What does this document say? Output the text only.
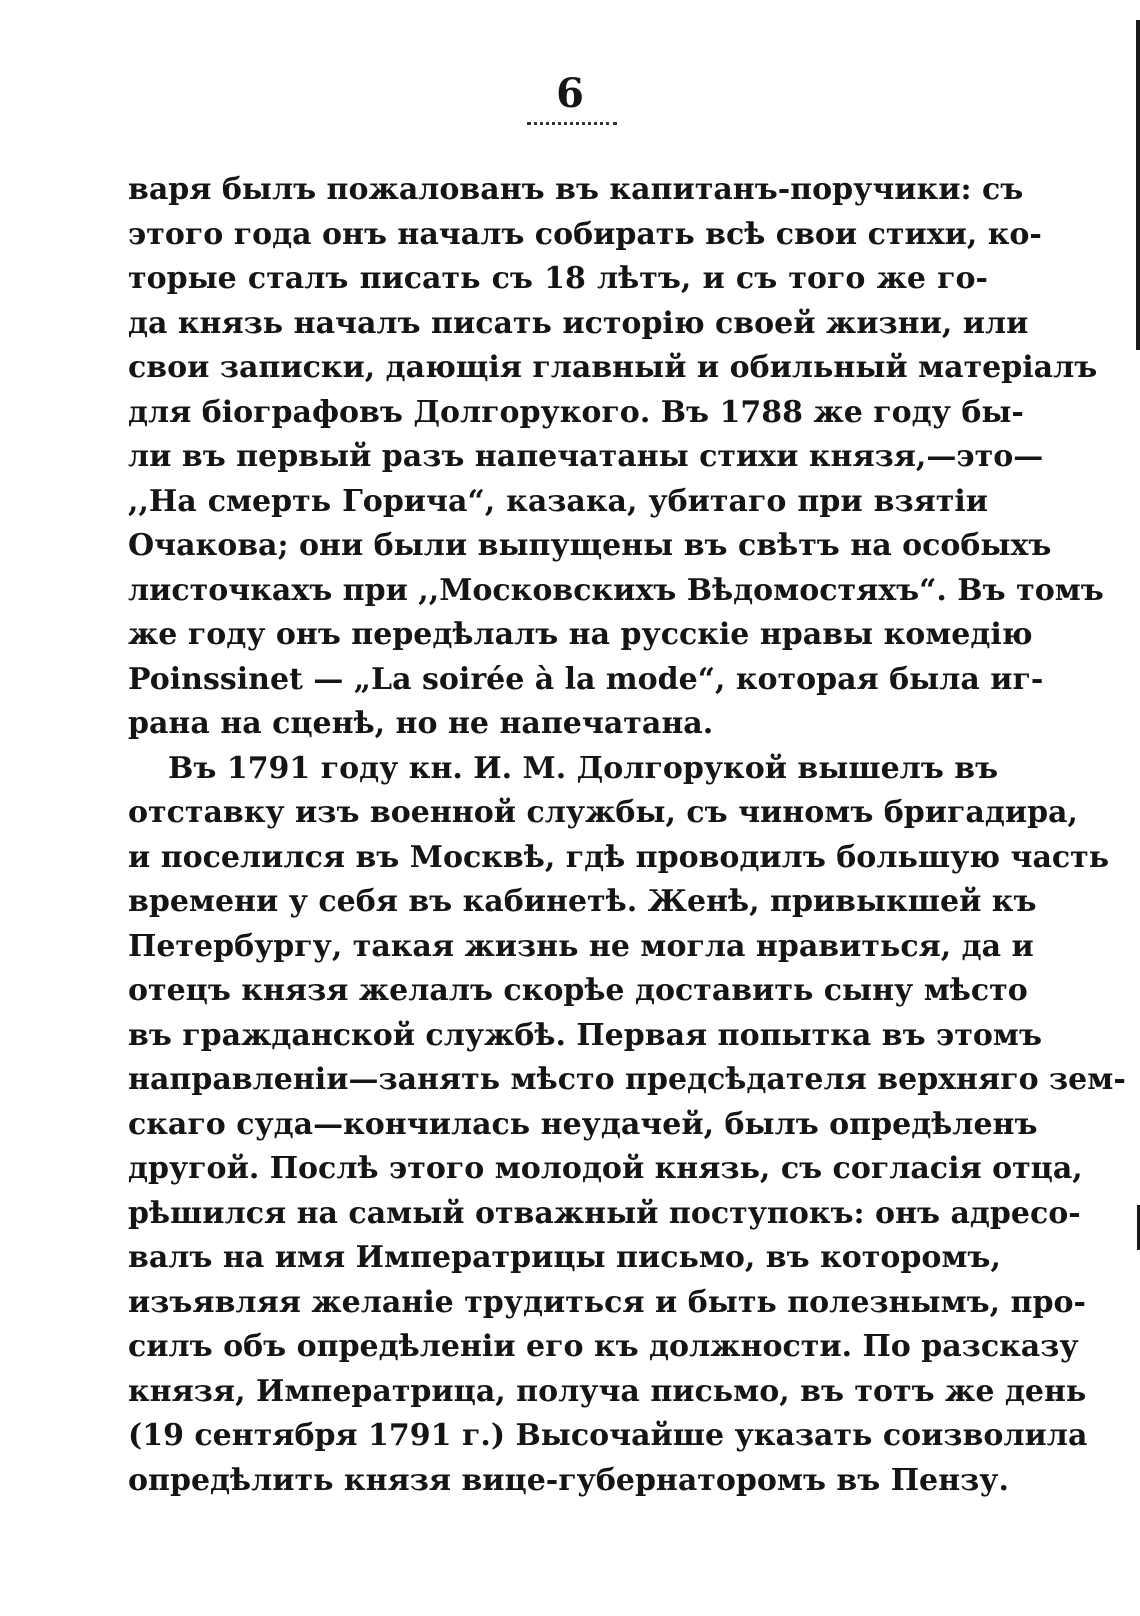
6
варя былъ пожалованъ въ капитанъ-поручики: съ
этого года онъ началъ собирать всѣ свои стихи, ко-
торые сталъ писать съ 18 лѣтъ, и съ того же го-
да князь началъ писать исторію своей жизни, или
свои записки, дающія главный и обильный матеріалъ
для біографовъ Долгорукого. Въ 1788 же году бы-
ли въ первый разъ напечатаны стихи князя,—это—
,,На смерть Горича“, казака, убитаго при взятіи
Очакова; они были выпущены въ свѣтъ на особыхъ
листочкахъ при ,,Московскихъ Вѣдомостяхъ“. Въ томъ
же году онъ передѣлалъ на русскіе нравы комедію
Poinssinet — „La soirée à la mode“, которая была иг-
рана на сценѣ, но не напечатана.
Въ 1791 году кн. И. М. Долгорукой вышелъ въ
отставку изъ военной службы, съ чиномъ бригадира,
и поселился въ Москвѣ, гдѣ проводилъ большую часть
времени у себя въ кабинетѣ. Женѣ, привыкшей къ
Петербургу, такая жизнь не могла нравиться, да и
отецъ князя желалъ скорѣе доставить сыну мѣсто
въ гражданской службѣ. Первая попытка въ этомъ
направленіи—занять мѣсто предсѣдателя верхняго зем-
скаго суда—кончилась неудачей, былъ опредѣленъ
другой. Послѣ этого молодой князь, съ согласія отца,
рѣшился на самый отважный поступокъ: онъ адресо-
валъ на имя Императрицы письмо, въ которомъ,
изъявляя желаніе трудиться и быть полезнымъ, про-
силъ объ опредѣленіи его къ должности. По разсказу
князя, Императрица, получа письмо, въ тотъ же день
(19 сентября 1791 г.) Высочайше указать соизволила
опредѣлить князя вице-губернаторомъ въ Пензу.
